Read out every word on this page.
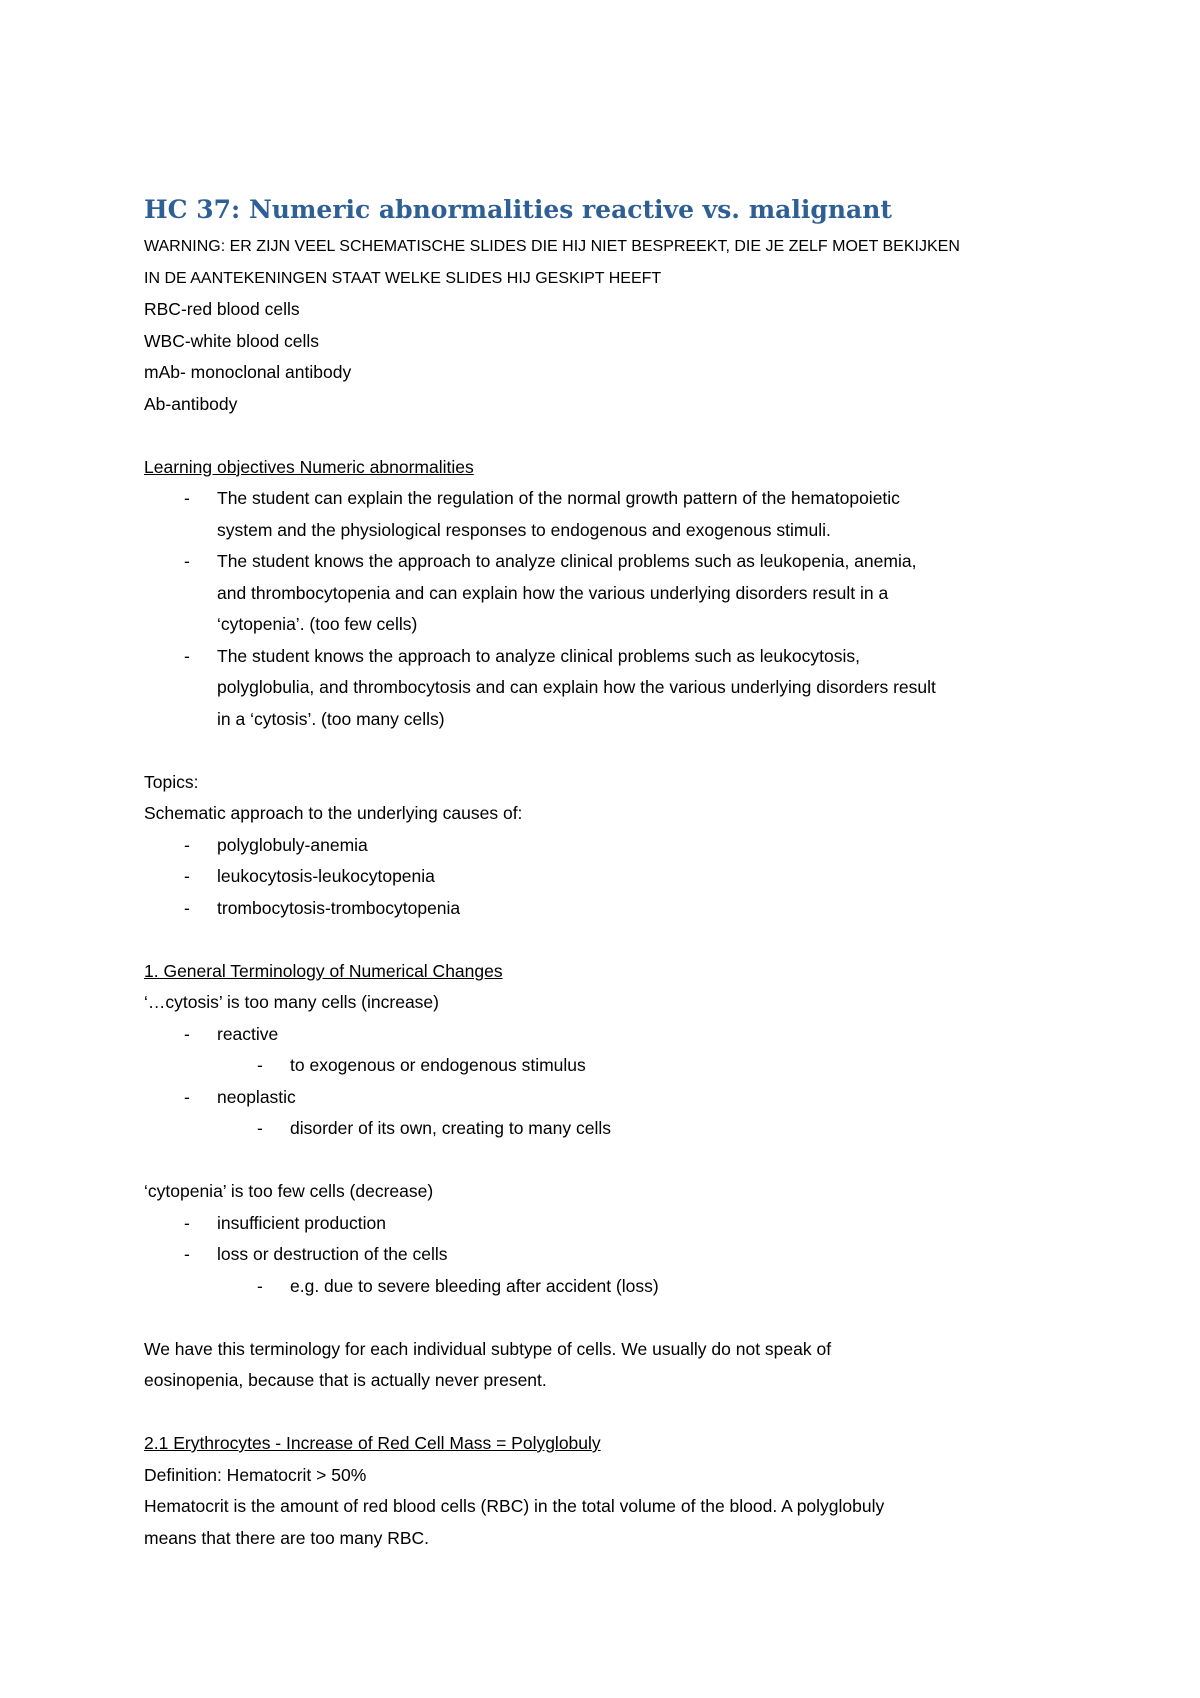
HC 37: Numeric abnormalities reactive vs. malignant
WARNING: ER ZIJN VEEL SCHEMATISCHE SLIDES DIE HIJ NIET BESPREEKT, DIE JE ZELF MOET BEKIJKEN
IN DE AANTEKENINGEN STAAT WELKE SLIDES HIJ GESKIPT HEEFT
RBC-red blood cells
WBC-white blood cells
mAb- monoclonal antibody
Ab-antibody
Learning objectives Numeric abnormalities
- The student can explain the regulation of the normal growth pattern of the hematopoietic
system and the physiological responses to endogenous and exogenous stimuli.
- The student knows the approach to analyze clinical problems such as leukopenia, anemia,
and thrombocytopenia and can explain how the various underlying disorders result in a
‘cytopenia’. (too few cells)
- The student knows the approach to analyze clinical problems such as leukocytosis,
polyglobulia, and thrombocytosis and can explain how the various underlying disorders result
in a ‘cytosis’. (too many cells)
Topics:
Schematic approach to the underlying causes of:
- polyglobuly-anemia
- leukocytosis-leukocytopenia
- trombocytosis-trombocytopenia
1. General Terminology of Numerical Changes
‘…cytosis’ is too many cells (increase)
- reactive
- to exogenous or endogenous stimulus
- neoplastic
- disorder of its own, creating to many cells
‘cytopenia’ is too few cells (decrease)
- insufficient production
- loss or destruction of the cells
- e.g. due to severe bleeding after accident (loss)
We have this terminology for each individual subtype of cells. We usually do not speak of
eosinopenia, because that is actually never present.
2.1 Erythrocytes - Increase of Red Cell Mass = Polyglobuly
Definition: Hematocrit > 50%
Hematocrit is the amount of red blood cells (RBC) in the total volume of the blood. A polyglobuly
means that there are too many RBC.
